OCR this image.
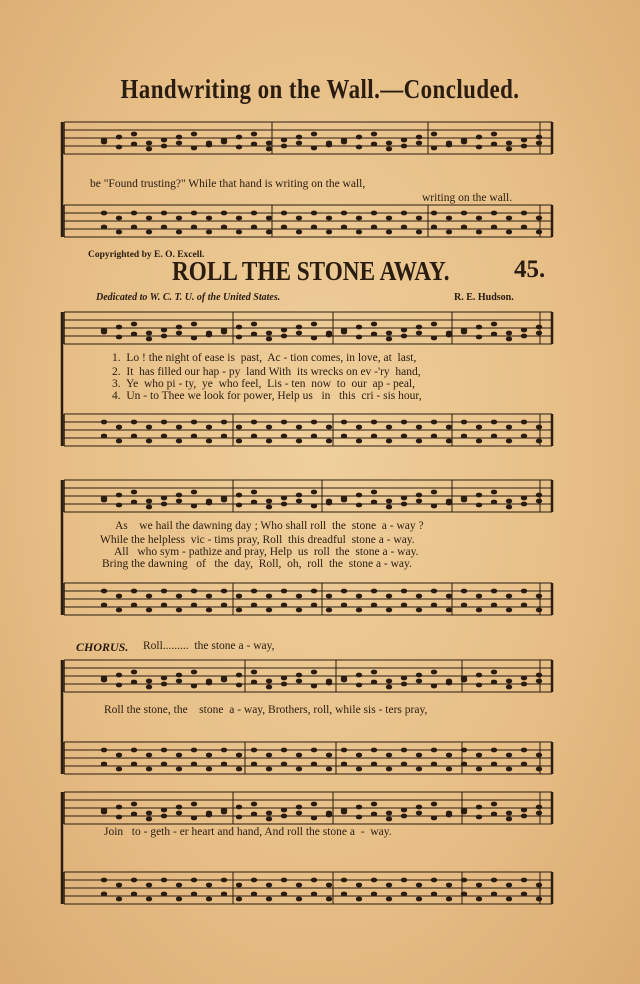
Handwriting on the Wall.—Concluded.
be "Found trusting?" While that hand is writing on the wall,
writing on the wall.
Copyrighted by E. O. Excell.
ROLL THE STONE AWAY.	45.
Dedicated to W. C. T. U. of the United States.	R. E. Hudson.
1.  Lo ! the night of ease is  past,  Ac - tion comes, in love, at  last,
2.  It  has filled our hap - py  land With  its wrecks on ev -'ry  hand,
3.  Ye  who pi - ty,  ye  who feel,  Lis - ten  now  to  our  ap - peal,
4.  Un - to Thee we look for power, Help us   in   this  cri - sis hour,
As    we hail the dawning day ; Who shall roll  the  stone  a - way ?
While the helpless  vic - tims pray, Roll  this dreadful  stone a - way.
All   who sym - pathize and pray, Help  us  roll  the  stone a - way.
Bring the dawning   of   the  day,  Roll,  oh,  roll  the  stone a - way.
CHORUS. Roll.........  the stone a - way,
Roll the stone, the    stone  a - way, Brothers, roll, while sis - ters pray,
Join   to - geth - er heart and hand, And roll the stone a  -  way.
